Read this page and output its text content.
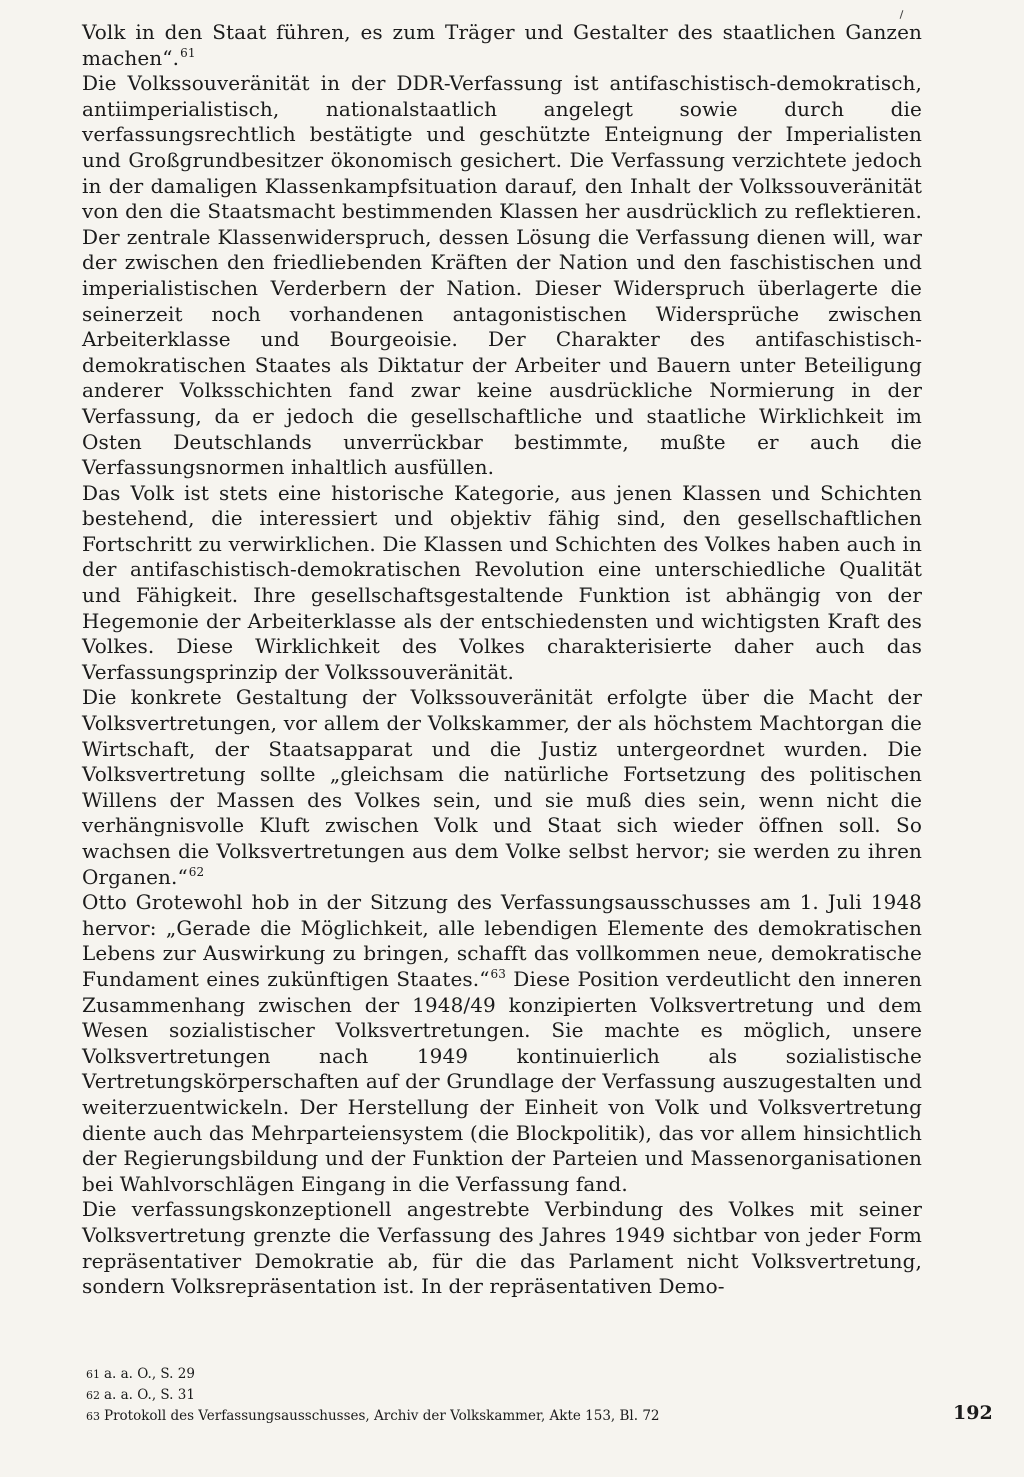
Volk in den Staat führen, es zum Träger und Gestalter des staatlichen Ganzen machen“.$^{61}$

Die Volkssouveränität in der DDR-Verfassung ist antifaschistisch-demokratisch, antiimperialistisch, nationalstaatlich angelegt sowie durch die verfassungsrechtlich bestätigte und geschützte Enteignung der Imperialisten und Großgrundbesitzer ökonomisch gesichert. Die Verfassung verzichtete jedoch in der damaligen Klassenkampfsituation darauf, den Inhalt der Volkssouveränität von den die Staatsmacht bestimmenden Klassen her ausdrücklich zu reflektieren. Der zentrale Klassenwiderspruch, dessen Lösung die Verfassung dienen will, war der zwischen den friedliebenden Kräften der Nation und den faschistischen und imperialistischen Verderbern der Nation. Dieser Widerspruch überlagerte die seinerzeit noch vorhandenen antagonistischen Widersprüche zwischen Arbeiterklasse und Bourgeoisie. Der Charakter des antifaschistisch-demokratischen Staates als Diktatur der Arbeiter und Bauern unter Beteiligung anderer Volksschichten fand zwar keine ausdrückliche Normierung in der Verfassung, da er jedoch die gesellschaftliche und staatliche Wirklichkeit im Osten Deutschlands unverrückbar bestimmte, mußte er auch die Verfassungsnormen inhaltlich ausfüllen.

Das Volk ist stets eine historische Kategorie, aus jenen Klassen und Schichten bestehend, die interessiert und objektiv fähig sind, den gesellschaftlichen Fortschritt zu verwirklichen. Die Klassen und Schichten des Volkes haben auch in der antifaschistisch-demokratischen Revolution eine unterschiedliche Qualität und Fähigkeit. Ihre gesellschaftsgestaltende Funktion ist abhängig von der Hegemonie der Arbeiterklasse als der entschiedensten und wichtigsten Kraft des Volkes. Diese Wirklichkeit des Volkes charakterisierte daher auch das Verfassungsprinzip der Volkssouveränität.

Die konkrete Gestaltung der Volkssouveränität erfolgte über die Macht der Volksvertretungen, vor allem der Volkskammer, der als höchstem Machtorgan die Wirtschaft, der Staatsapparat und die Justiz untergeordnet wurden. Die Volksvertretung sollte „gleichsam die natürliche Fortsetzung des politischen Willens der Massen des Volkes sein, und sie muß dies sein, wenn nicht die verhängnisvolle Kluft zwischen Volk und Staat sich wieder öffnen soll. So wachsen die Volksvertretungen aus dem Volke selbst hervor; sie werden zu ihren Organen.“$^{62}$

Otto Grotewohl hob in der Sitzung des Verfassungsausschusses am 1. Juli 1948 hervor: „Gerade die Möglichkeit, alle lebendigen Elemente des demokratischen Lebens zur Auswirkung zu bringen, schafft das vollkommen neue, demokratische Fundament eines zukünftigen Staates.“$^{63}$ Diese Position verdeutlicht den inneren Zusammenhang zwischen der 1948/49 konzipierten Volksvertretung und dem Wesen sozialistischer Volksvertretungen. Sie machte es möglich, unsere Volksvertretungen nach 1949 kontinuierlich als sozialistische Vertretungskörperschaften auf der Grundlage der Verfassung auszugestalten und weiterzuentwickeln. Der Herstellung der Einheit von Volk und Volksvertretung diente auch das Mehrparteiensystem (die Blockpolitik), das vor allem hinsichtlich der Regierungsbildung und der Funktion der Parteien und Massenorganisationen bei Wahlvorschlägen Eingang in die Verfassung fand.

Die verfassungskonzeptionell angestrebte Verbindung des Volkes mit seiner Volksvertretung grenzte die Verfassung des Jahres 1949 sichtbar von jeder Form repräsentativer Demokratie ab, für die das Parlament nicht Volksvertretung, sondern Volksrepräsentation ist. In der repräsentativen Demo-

61 a. a. O., S. 29

62 a. a. O., S. 31

63 Protokoll des Verfassungsausschusses, Archiv der Volkskammer, Akte 153, Bl. 72	192
